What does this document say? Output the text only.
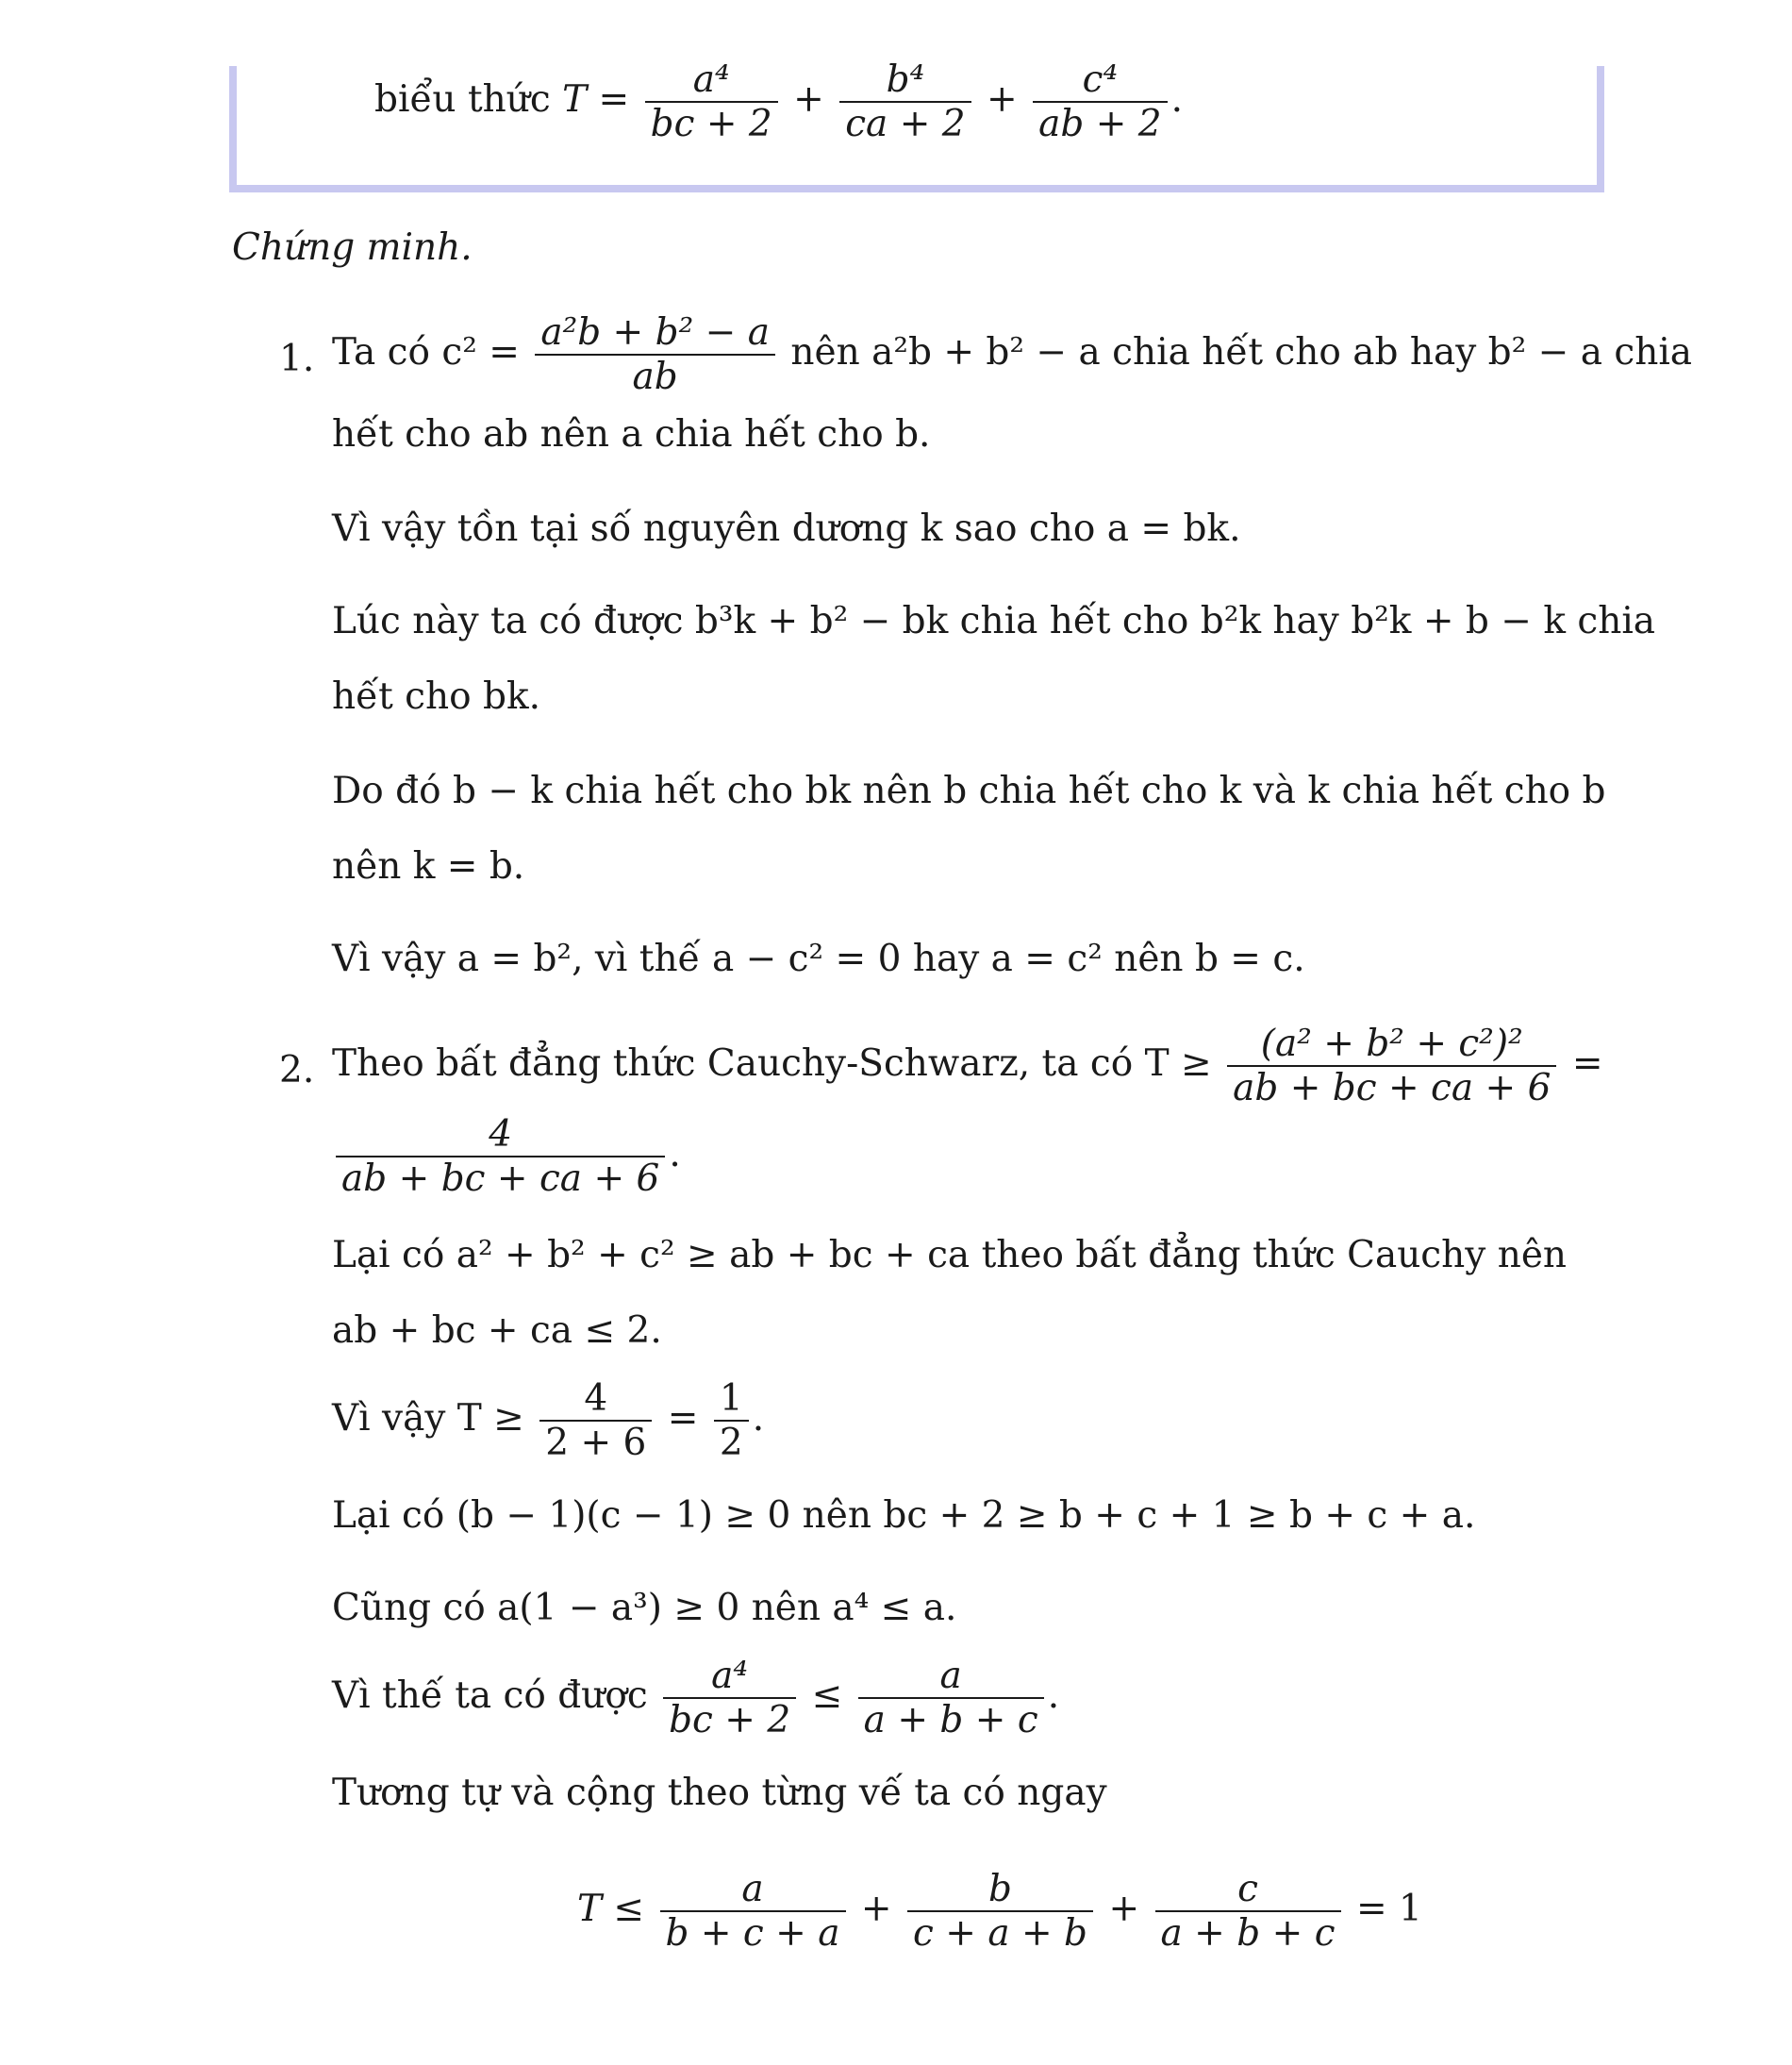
biểu thức $T = \frac{\text{a⁴}}{bc + 2} + \frac{\text{b⁴}}{ca + 2} + \frac{\text{c⁴}}{ab + 2}$ .
Chứng minh.
1. Ta có $c^2 = \frac{\text{a²b + b² − a}}{ab}$ nên a²b + b² − a chia hết cho ab hay b² − a chia
hết cho ab nên a chia hết cho b.
Vì vậy tồn tại số nguyên dương k sao cho a = bk.
Lúc này ta có được b³k + b² − bk chia hết cho b²k hay b²k + b − k chia
hết cho bk.
Do đó b − k chia hết cho bk nên b chia hết cho k và k chia hết cho b
nên k = b.
Vì vậy a = b², vì thế a − c² = 0 hay a = c² nên b = c.
2. Theo bất đẳng thức Cauchy-Schwarz, ta có $T \ge \frac{\text{(a² + b² + c²)²}}{ab + bc + ca + 6}$ =
$\frac{4}{ab + bc + ca + 6}$ .
Lại có a² + b² + c² ≥ ab + bc + ca theo bất đẳng thức Cauchy nên
ab + bc + ca ≤ 2.
Vì vậy $T \ge \frac{4}{2 + 6} = \frac{1}{2}$ .
Lại có (b − 1)(c − 1) ≥ 0 nên bc + 2 ≥ b + c + 1 ≥ b + c + a.
Cũng có a(1 − a³) ≥ 0 nên a⁴ ≤ a.
Vì thế ta có được $\frac{\text{a⁴}}{bc + 2} \le \frac{a}{a + b + c}$ .
Tương tự và cộng theo từng vế ta có ngay
$T \le \frac{a}{b + c + a} + \frac{b}{c + a + b} + \frac{c}{a + b + c} = 1$
